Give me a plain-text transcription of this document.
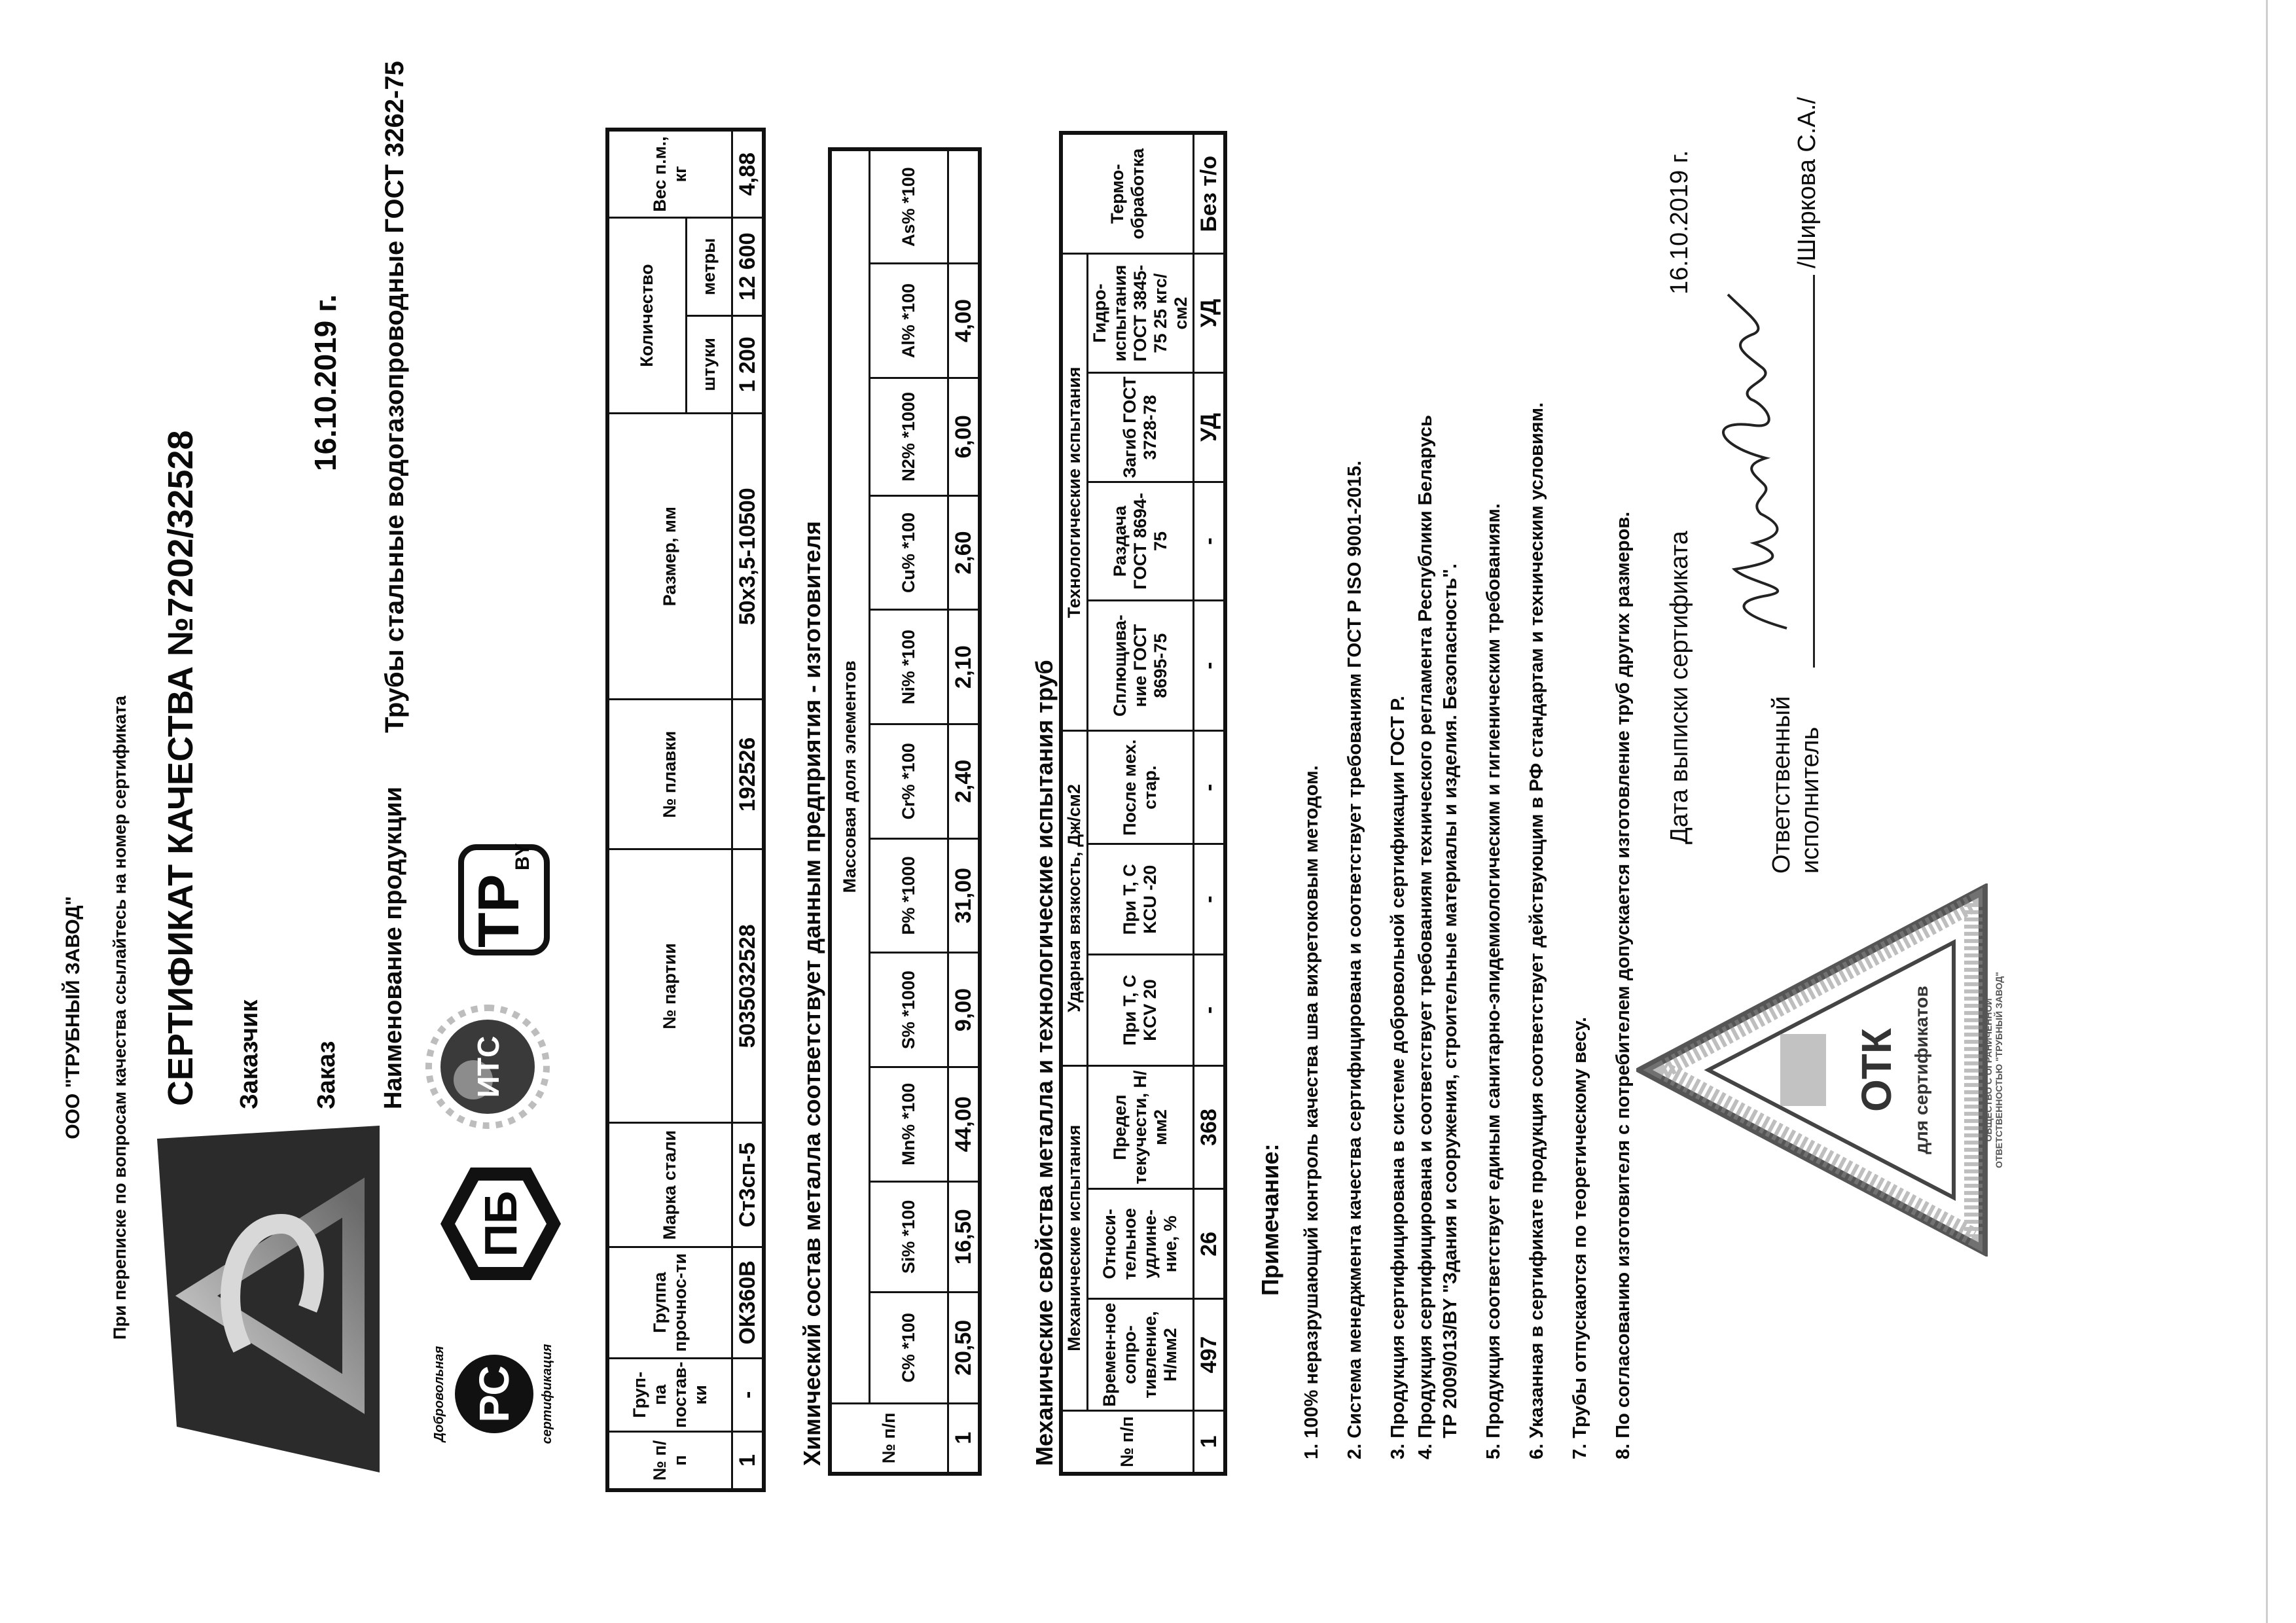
ООО "ТРУБНЫЙ ЗАВОД" При переписке по вопросам качества ссылайтесь на номер сертификата СЕРТИФИКАТ КАЧЕСТВА №7202/32528 Заказчик Заказ
16.10.2019 г.
Наименование продукции
Трубы стальные водогазопроводные ГОСТ 3262-75
Добровольная РС	сертификация
ПБ
ИТС
ТР
BY
№ п/п	Груп-па постав-ки	Группа прочнос-ти	Марка стали	№ партии	№ плавки	Размер, мм	Количество		Вес п.м., кг
							штуки	метры	
1	-	ОК360В	Ст3сп-5	5035032528	192526	50x3,5-10500	1 200	12 600	4,88
Химический состав металла соответствует данным предприятия - изготовителя	№ п/п	Массовая доля элементов										
	C% *100	Si% *100	Mn% *100	S% *1000	P% *1000	Cr% *100	Ni% *100	Cu% *100	N2% *1000	Al% *100	As% *100
1	20,50	16,50	44,00	9,00	31,00	2,40	2,10	2,60	6,00	4,00	
Механические свойства металла и технологические испытания труб	№ п/п	Механические испытания			Ударная вязкость, Дж/см2			Технологические испытания				Термо-обработка
	Времен-ное сопро-тивление, Н/мм2	Относи-тельное удлине-ние, %	Предел текучести, Н/мм2	При Т, С KCV 20	При Т, С KCU -20	После мех. стар.	Сплющива-ние ГОСТ 8695-75	Раздача ГОСТ 8694-75	Загиб ГОСТ 3728-78	Гидро-испытания ГОСТ 3845-75 25 кгс/см2	
1	497	26	368	-	-	-	-	-	УД	УД	Без т/о
Примечание: 1. 100% неразрушающий контроль качества шва вихретоковым методом. 2. Система менеджмента качества сертифицирована и соответствует требованиям ГОСТ Р ISO 9001-2015. 3. Продукция сертифицирована в системе добровольной сертификации ГОСТ Р. 4. Продукция сертифицирована и соответствует требованиям технического регламента Республики Беларусь ТР 2009/013/BY "Здания и сооружения, строительные материалы и изделия. Безопасность". 5. Продукция соответствует единым санитарно-эпидемиологическим и гигиеническим требованиям. 6. Указанная в сертификате продукция соответствует действующим в РФ стандартам и техническим условиям. 7. Трубы отпускаются по теоретическому весу. 8. По согласованию изготовителя с потребителем допускается изготовление труб других размеров. Дата выписки сертификата
16.10.2019 г.
ОБЩЕСТВО С ОГРАНИЧЕННОЙ ОТВЕТСТВЕННОСТЬЮ "ТРУБНЫЙ ЗАВОД"
ОТК для сертификатов
Ответственный исполнитель
/Ширкова С.А./
